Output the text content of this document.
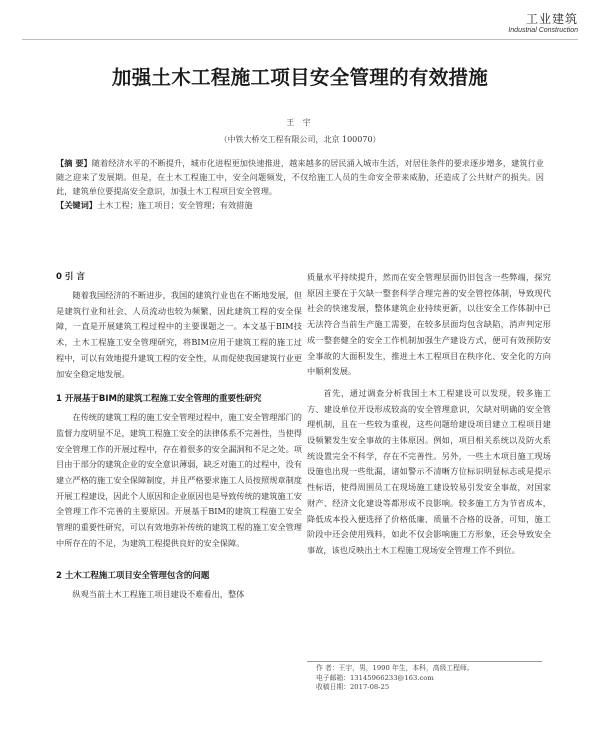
工业建筑
Industrial Construction
加强土木工程施工项目安全管理的有效措施
王 宇
（中铁大桥交工程有限公司，北京 100070）

【摘 要】随着经济水平的不断提升，城市化进程更加快速推进，越来越多的居民涌入城市生活，对居住条件的要求逐步增多，建筑行业随之迎来了发展期。但是，在土木工程施工中，安全问题频发，不仅给施工人员的生命安全带来威胁，还造成了公共财产的损失。因此，建筑单位要提高安全意识，加强土木工程项目安全管理。

【关键词】土木工程；施工项目；安全管理；有效措施

0 引 言

随着我国经济的不断进步，我国的建筑行业也在不断地发展，但是建筑行业和社会、人员流动也较为频繁，因此建筑工程的安全保障，一直是开展建筑工程过程中的主要课题之一。本文基于BIM技术，土木工程施工安全管理研究，将BIM应用于建筑工程的施工过程中，可以有效地提升建筑工程的安全性，从而促使我国建筑行业更加安全稳定地发展。

1 开展基于BIM的建筑工程施工安全管理的重要性研究

在传统的建筑工程的施工安全管理过程中，施工安全管理部门的监督力度明显不足，建筑工程施工安全的法律体系不完善性，当使得安全管理工作的开展过程中，存在着很多的安全漏洞和不足之处。项目由于部分的建筑企业的安全意识薄弱，缺乏对施工的过程中，没有建立严格的施工安全保障制度，并且严格要求施工人员按照规章制度开展工程建设，因此个人原因和企业原因也是导致传统的建筑施工安全管理工作不完善的主要原因。开展基于BIM的建筑工程施工安全管理的重要性研究，可以有效地弥补传统的建筑工程的施工安全管理中所存在的不足，为建筑工程提供良好的安全保障。

2 土木工程施工项目安全管理包含的问题

纵观当前土木工程施工项目建设不难看出，整体

质量水平持续提升，然而在安全管理层面仍旧包含一些弊端，探究原因主要在于欠缺一整套科学合理完善的安全管控体制，导致现代社会的快速发展，整体建筑企业持续更新，以往安全工作体制中已无法符合当前生产施工需要，在较多层面均包含缺陷，消声判定形成一整套健全的安全工作机制加强生产建设方式，便可有效预防安全事故的大面积发生，推进土木工程项目在秩序化、安全化的方向中顺利发展。

首先，通过调查分析我国土木工程建设可以发现，较多施工方、建设单位开设形成较高的安全管理意识，欠缺对明确的安全管理机制，且在一些较为重视，这些问题给建设项目建立工程项目建设频繁发生安全事故的主体原因。例如，项目相关系统以及防火系统设置完全不科学，存在不完善性。另外，一些土木项目施工现场设施也出现一些纰漏，诸如警示不清晰方位标识明显标志或是提示性标语，使得周围员工在现场施工建设较易引发安全事故，对国家财产、经济文化建设等都形成不良影响。较多施工方为节省成本，降低成本投入便选择了价格低廉、质量不合格的设备，可知，施工阶段中还会使用残料，如此不仅会影响施工方形象，还会导致安全事故，该也反映出土木工程施工现场安全管理工作不到位。

作 者：王宇，男，1990 年生，本科，高级工程师。
电子邮箱：13145966233@163.com
收稿日期：2017-08-25
